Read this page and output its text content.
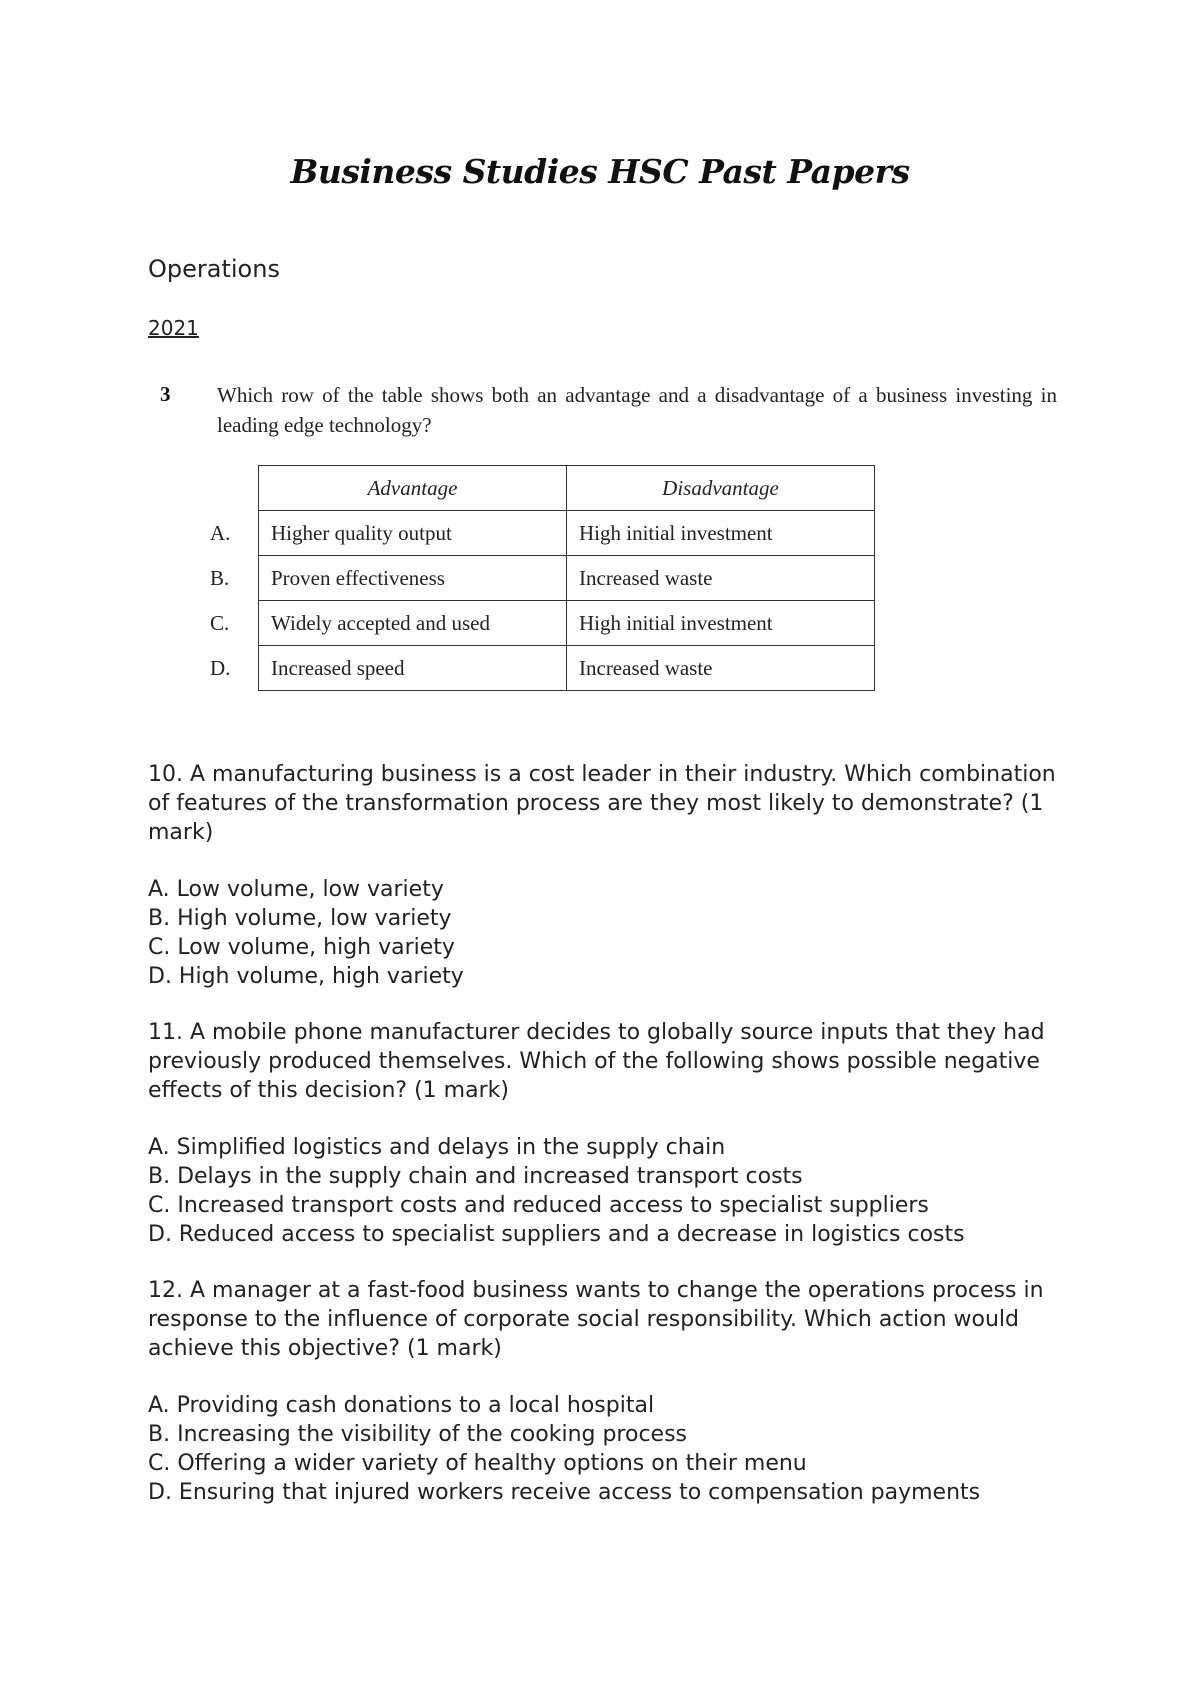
Business Studies HSC Past Papers
Operations
2021
3 Which row of the table shows both an advantage and a disadvantage of a business investing in leading edge technology?
	Advantage	Disadvantage
A.	Higher quality output	High initial investment
B.	Proven effectiveness	Increased waste
C.	Widely accepted and used	High initial investment
D.	Increased speed	Increased waste

10. A manufacturing business is a cost leader in their industry. Which combination of features of the transformation process are they most likely to demonstrate? (1 mark)

A. Low volume, low variety

B. High volume, low variety

C. Low volume, high variety

D. High volume, high variety

11. A mobile phone manufacturer decides to globally source inputs that they had previously produced themselves. Which of the following shows possible negative effects of this decision? (1 mark)

A. Simplified logistics and delays in the supply chain

B. Delays in the supply chain and increased transport costs

C. Increased transport costs and reduced access to specialist suppliers

D. Reduced access to specialist suppliers and a decrease in logistics costs

12. A manager at a fast-food business wants to change the operations process in response to the influence of corporate social responsibility. Which action would achieve this objective? (1 mark)

A. Providing cash donations to a local hospital

B. Increasing the visibility of the cooking process

C. Offering a wider variety of healthy options on their menu

D. Ensuring that injured workers receive access to compensation payments
